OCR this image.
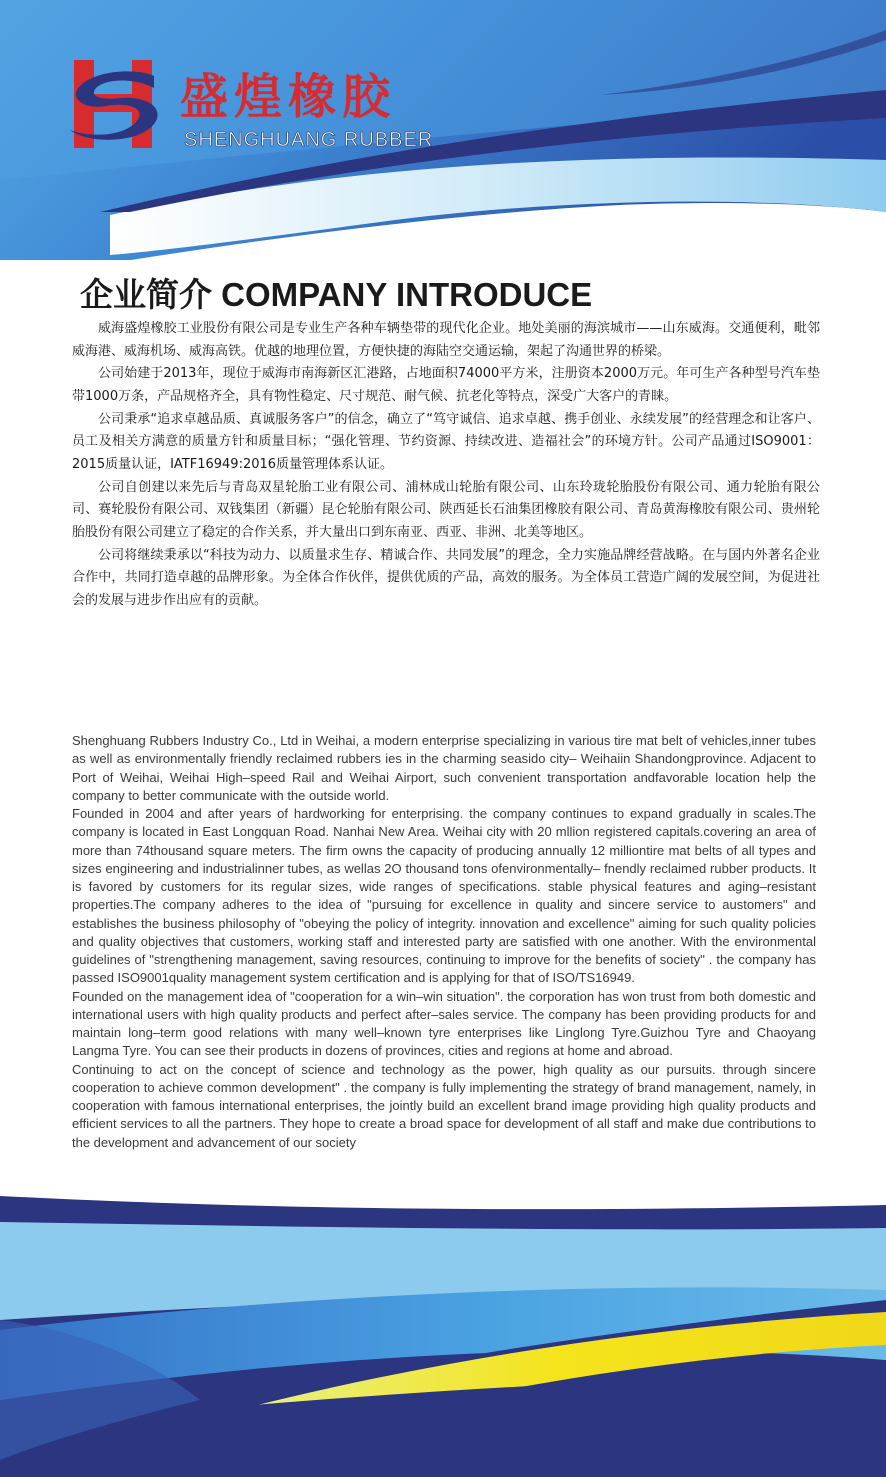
盛煌橡胶
SHENGHUANG RUBBER
企业简介 COMPANY INTRODUCE

威海盛煌橡胶工业股份有限公司是专业生产各种车辆垫带的现代化企业。地处美丽的海滨城市——山东威海。交通便利，毗邻威海港、威海机场、威海高铁。优越的地理位置，方便快捷的海陆空交通运输，架起了沟通世界的桥梁。

公司始建于2013年，现位于威海市南海新区汇港路，占地面积74000平方米，注册资本2000万元。年可生产各种型号汽车垫带1000万条，产品规格齐全，具有物性稳定、尺寸规范、耐气候、抗老化等特点，深受广大客户的青睐。

公司秉承“追求卓越品质、真诚服务客户”的信念，确立了“笃守诚信、追求卓越、携手创业、永续发展”的经营理念和让客户、员工及相关方满意的质量方针和质量目标；“强化管理、节约资源、持续改进、造福社会”的环境方针。公司产品通过ISO9001：2015质量认证，IATF16949:2016质量管理体系认证。

公司自创建以来先后与青岛双星轮胎工业有限公司、浦林成山轮胎有限公司、山东玲珑轮胎股份有限公司、通力轮胎有限公司、赛轮股份有限公司、双钱集团（新疆）昆仑轮胎有限公司、陕西延长石油集团橡胶有限公司、青岛黄海橡胶有限公司、贵州轮胎股份有限公司建立了稳定的合作关系，并大量出口到东南亚、西亚、非洲、北美等地区。

公司将继续秉承以“科技为动力、以质量求生存、精诚合作、共同发展”的理念，全力实施品牌经营战略。在与国内外著名企业合作中，共同打造卓越的品牌形象。为全体合作伙伴，提供优质的产品，高效的服务。为全体员工营造广阔的发展空间，为促进社会的发展与进步作出应有的贡献。

Shenghuang Rubbers Industry Co., Ltd in Weihai, a modern enterprise specializing in various tire mat belt of vehicles,inner tubes as well as environmentally friendly reclaimed rubbers ies in the charming seasido city– Weihaiin Shandongprovince. Adjacent to Port of Weihai, Weihai High–speed Rail and Weihai Airport, such convenient transportation andfavorable location help the company to better communicate with the outside world.

Founded in 2004 and after years of hardworking for enterprising. the company continues to expand gradually in scales.The company is located in East Longquan Road. Nanhai New Area. Weihai city with 20 mllion registered capitals.covering an area of more than 74thousand square meters. The firm owns the capacity of producing annually 12 milliontire mat belts of all types and sizes engineering and industrialinner tubes, as wellas 2O thousand tons ofenvironmentally– fnendly reclaimed rubber products. It is favored by customers for its regular sizes, wide ranges of specifications. stable physical features and aging–resistant properties.The company adheres to the idea of "pursuing for excellence in quality and sincere service to austomers" and establishes the business philosophy of "obeying the policy of integrity. innovation and excellence" aiming for such quality policies and quality objectives that customers, working staff and interested party are satisfied with one another. With the environmental guidelines of "strengthening management, saving resources, continuing to improve for the benefits of society" . the company has passed ISO9001quality management system certification and is applying for that of ISO/TS16949.

Founded on the management idea of "cooperation for a win–win situation". the corporation has won trust from both domestic and international users with high quality products and perfect after–sales service. The company has been providing products for and maintain long–term good relations with many well–known tyre enterprises like Linglong Tyre.Guizhou Tyre and Chaoyang Langma Tyre. You can see their products in dozens of provinces, cities and regions at home and abroad.

Continuing to act on the concept of science and technology as the power, high quality as our pursuits. through sincere cooperation to achieve common development" . the company is fully implementing the strategy of brand management, namely, in cooperation with famous international enterprises, the jointly build an excellent brand image providing high quality products and efficient services to all the partners. They hope to create a broad space for development of all staff and make due contributions to the development and advancement of our society
